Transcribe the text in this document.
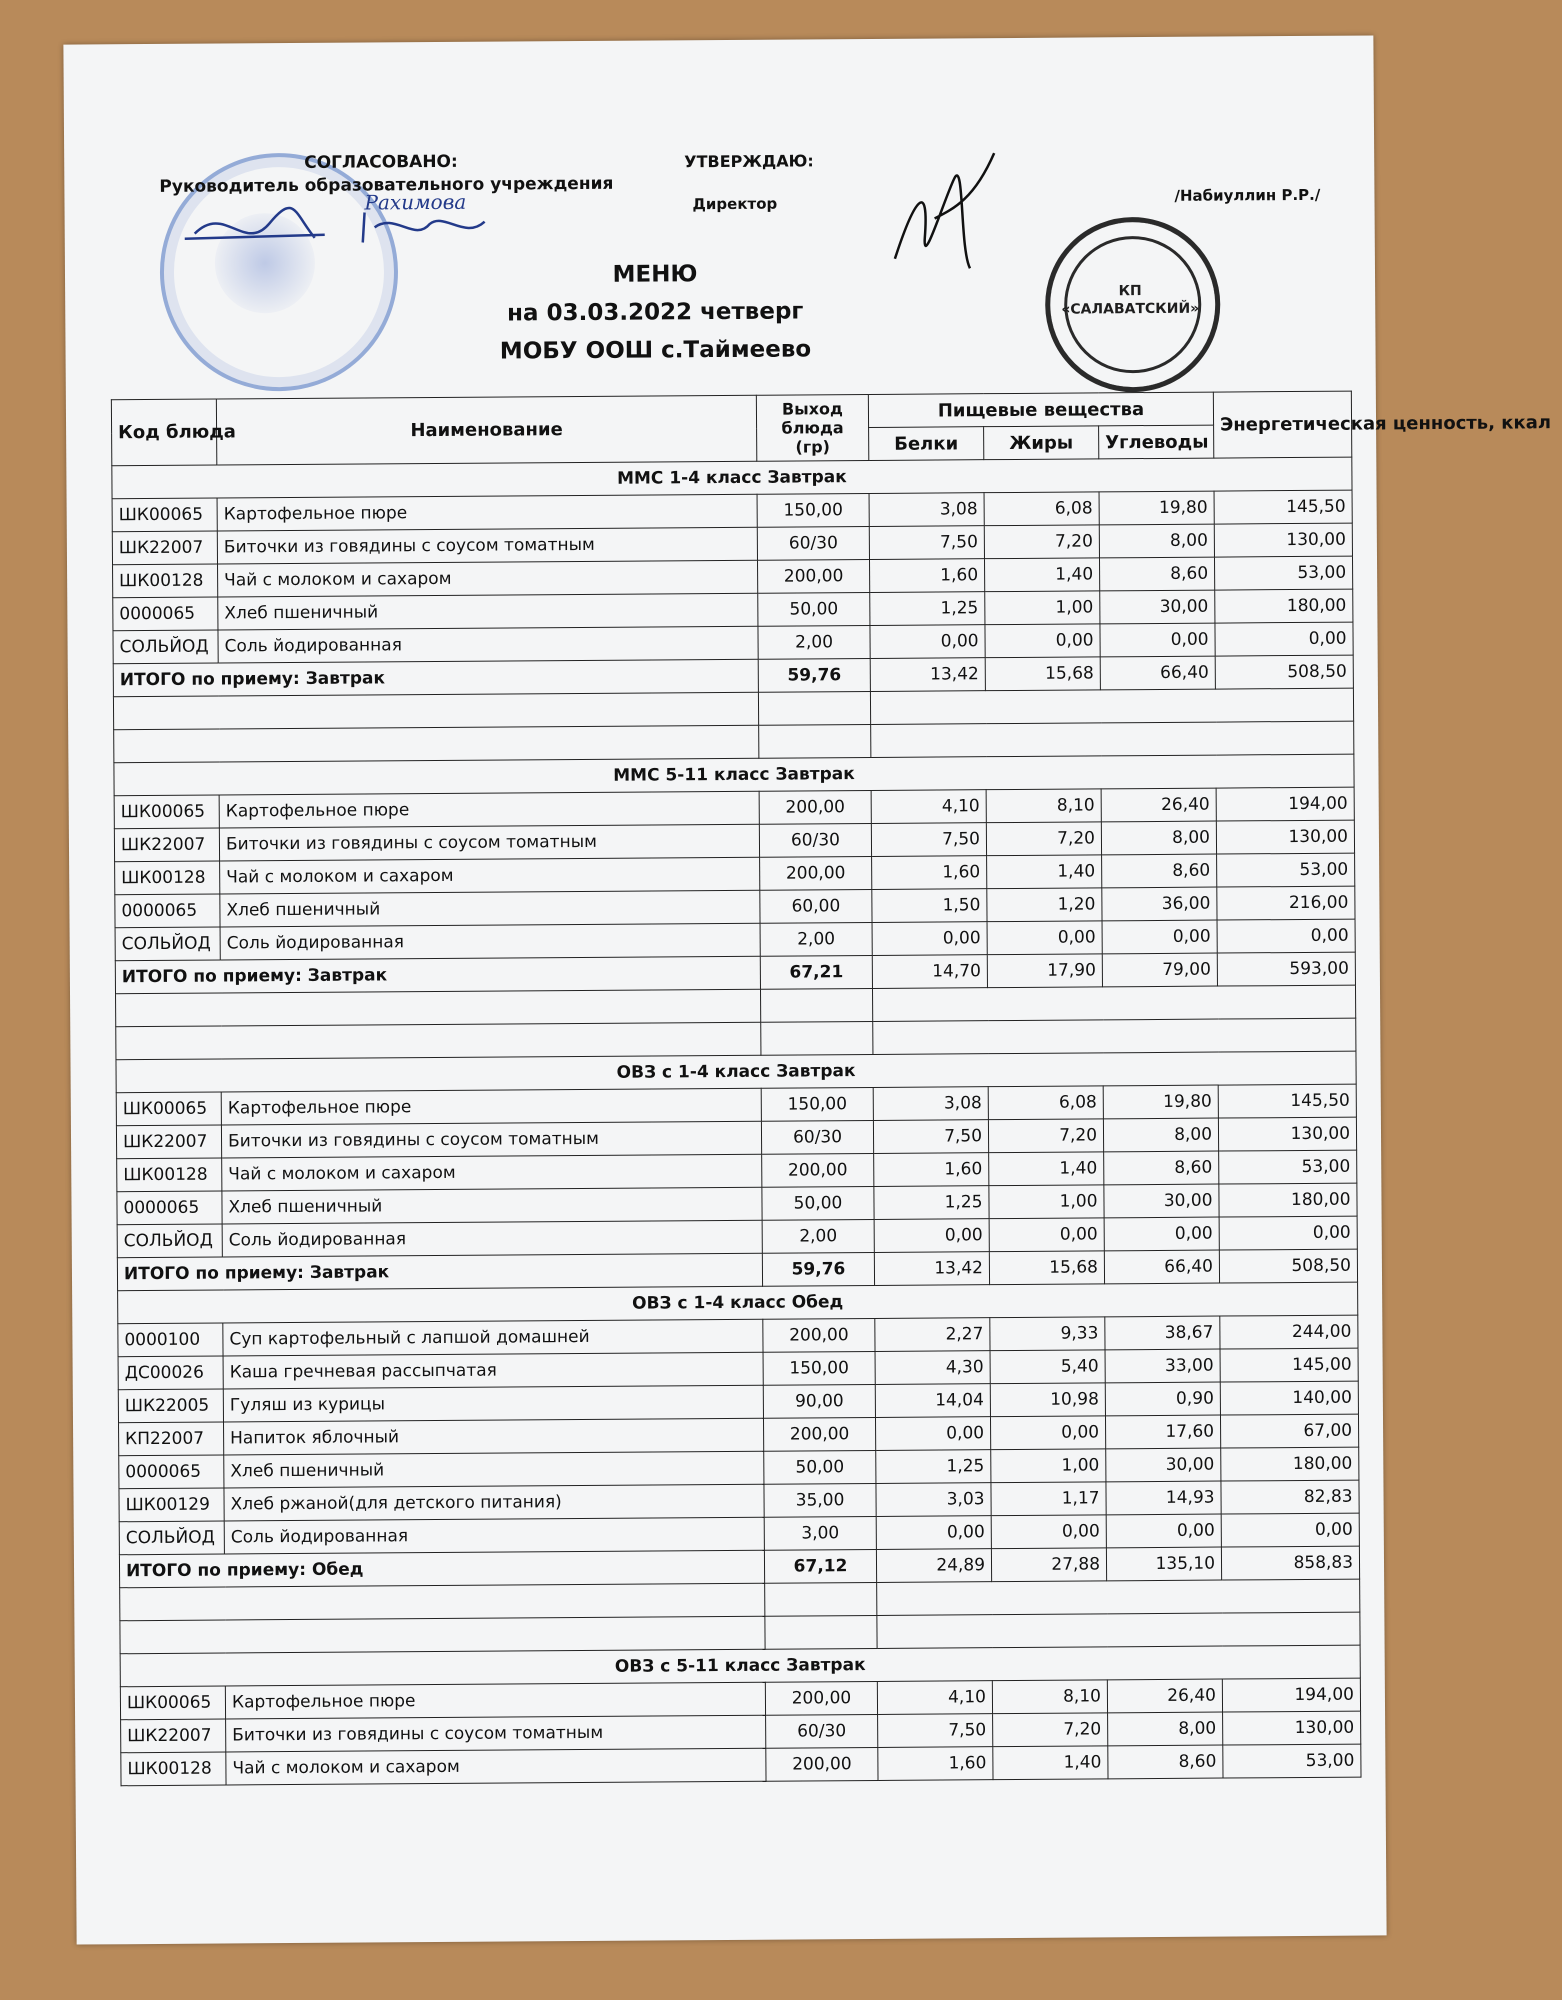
СОГЛАСОВАНО:
Руководитель образовательного учреждения
Рахимова
УТВЕРЖДАЮ:
Директор	/Набиуллин Р.Р./
КП «САЛАВАТСКИЙ»
МЕНЮ
на 03.03.2022 четверг
МОБУ ООШ с.Таймеево
Код блюда	Наименование	Выход блюда (гр)	Пищевые вещества			Энергетическая ценность, ккал
			Белки	Жиры	Углеводы	
ММС 1-4 класс Завтрак						
ШК00065	Картофельное пюре	150,00	3,08	6,08	19,80	145,50
ШК22007	Биточки из говядины с соусом томатным	60/30	7,50	7,20	8,00	130,00
ШК00128	Чай с молоком и сахаром	200,00	1,60	1,40	8,60	53,00
0000065	Хлеб пшеничный	50,00	1,25	1,00	30,00	180,00
СОЛЬЙОД	Соль йодированная	2,00	0,00	0,00	0,00	0,00
ИТОГО по приему: Завтрак		59,76	13,42	15,68	66,40	508,50

ММС 5-11 класс Завтрак						
ШК00065	Картофельное пюре	200,00	4,10	8,10	26,40	194,00
ШК22007	Биточки из говядины с соусом томатным	60/30	7,50	7,20	8,00	130,00
ШК00128	Чай с молоком и сахаром	200,00	1,60	1,40	8,60	53,00
0000065	Хлеб пшеничный	60,00	1,50	1,20	36,00	216,00
СОЛЬЙОД	Соль йодированная	2,00	0,00	0,00	0,00	0,00
ИТОГО по приему: Завтрак		67,21	14,70	17,90	79,00	593,00

ОВЗ с 1-4 класс Завтрак						
ШК00065	Картофельное пюре	150,00	3,08	6,08	19,80	145,50
ШК22007	Биточки из говядины с соусом томатным	60/30	7,50	7,20	8,00	130,00
ШК00128	Чай с молоком и сахаром	200,00	1,60	1,40	8,60	53,00
0000065	Хлеб пшеничный	50,00	1,25	1,00	30,00	180,00
СОЛЬЙОД	Соль йодированная	2,00	0,00	0,00	0,00	0,00
ИТОГО по приему: Завтрак		59,76	13,42	15,68	66,40	508,50
ОВЗ с 1-4 класс Обед						
0000100	Суп картофельный с лапшой домашней	200,00	2,27	9,33	38,67	244,00
ДС00026	Каша гречневая рассыпчатая	150,00	4,30	5,40	33,00	145,00
ШК22005	Гуляш из курицы	90,00	14,04	10,98	0,90	140,00
КП22007	Напиток яблочный	200,00	0,00	0,00	17,60	67,00
0000065	Хлеб пшеничный	50,00	1,25	1,00	30,00	180,00
ШК00129	Хлеб ржаной(для детского питания)	35,00	3,03	1,17	14,93	82,83
СОЛЬЙОД	Соль йодированная	3,00	0,00	0,00	0,00	0,00
ИТОГО по приему: Обед		67,12	24,89	27,88	135,10	858,83

ОВЗ с 5-11 класс Завтрак						
ШК00065	Картофельное пюре	200,00	4,10	8,10	26,40	194,00
ШК22007	Биточки из говядины с соусом томатным	60/30	7,50	7,20	8,00	130,00
ШК00128	Чай с молоком и сахаром	200,00	1,60	1,40	8,60	53,00
